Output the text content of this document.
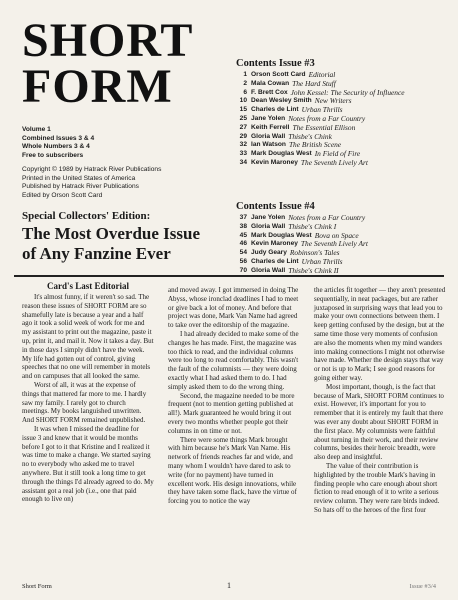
SHORT
FORM
Volume 1
Combined Issues 3 & 4
Whole Numbers 3 & 4
Free to subscribers
Copyright © 1989 by Hatrack River Publications
Printed in the United States of America
Published by Hatrack River Publications
Edited by Orson Scott Card
Special Collectors' Edition:
The Most Overdue Issue
of Any Fanzine Ever
Contents Issue #3
1 Orson Scott Card Editorial
2 Mala Cowan The Hard Stuff
6 F. Brett Cox John Kessel: The Security of Influence
10 Dean Wesley Smith New Writers
15 Charles de Lint Urban Thrills
25 Jane Yolen Notes from a Far Country
27 Keith Ferrell The Essential Ellison
29 Gloria Wall Thisbe's Chink
32 Ian Watson The British Scene
33 Mark Douglas West In Field of Fire
34 Kevin Maroney The Seventh Lively Art
Contents Issue #4
37 Jane Yolen Notes from a Far Country
38 Gloria Wall Thisbe's Chink I
45 Mark Douglas West Bova on Space
46 Kevin Maroney The Seventh Lively Art
54 Judy Geary Robinson's Tales
56 Charles de Lint Urban Thrills
70 Gloria Wall Thisbe's Chink II
Card's Last Editorial

It's almost funny, if it weren't so sad. The reason these issues of SHORT FORM are so shamefully late is because a year and a half ago it took a solid week of work for me and my assistant to print out the magazine, paste it up, print it, and mail it. Now it takes a day. But in those days I simply didn't have the week. My life had gotten out of control, giving speeches that no one will remember in motels and on campuses that all looked the same.

Worst of all, it was at the expense of things that mattered far more to me. I hardly saw my family. I rarely got to church meetings. My books languished unwritten. And SHORT FORM remained unpublished.

It was when I missed the deadline for issue 3 and knew that it would be months before I got to it that Kristine and I realized it was time to make a change. We started saying no to everybody who asked me to travel anywhere. But it still took a long time to get through the things I'd already agreed to do. My assistant got a real job (i.e., one that paid enough to live on)

and moved away. I got immersed in doing The Abyss, whose ironclad deadlines I had to meet or give back a lot of money. And before that project was done, Mark Van Name had agreed to take over the editorship of the magazine.

I had already decided to make some of the changes he has made. First, the magazine was too thick to read, and the individual columns were too long to read comfortably. This wasn't the fault of the columnists — they were doing exactly what I had asked them to do. I had simply asked them to do the wrong thing.

Second, the magazine needed to be more frequent (not to mention getting published at all!). Mark guaranteed he would bring it out every two months whether people got their columns in on time or not.

There were some things Mark brought with him because he's Mark Van Name. His network of friends reaches far and wide, and many whom I wouldn't have dared to ask to write (for no payment) have turned in excellent work. His design innovations, while they have taken some flack, have the virtue of forcing you to notice the way

the articles fit together — they aren't presented sequentially, in neat packages, but are rather juxtaposed in surprising ways that lead you to make your own connections between them. I keep getting confused by the design, but at the same time those very moments of confusion are also the moments when my mind wanders into making connections I might not otherwise have made. Whether the design stays that way or not is up to Mark; I see good reasons for going either way.

Most important, though, is the fact that because of Mark, SHORT FORM continues to exist. However, it's important for you to remember that it is entirely my fault that there was ever any doubt about SHORT FORM in the first place. My columnists were faithful about turning in their work, and their review columns, besides their heroic breadth, were also deep and insightful.

The value of their contribution is highlighted by the trouble Mark's having in finding people who care enough about short fiction to read enough of it to write a serious review column. They were rare birds indeed. So hats off to the heroes of the first four

Short Form	1	Issue #3/4
